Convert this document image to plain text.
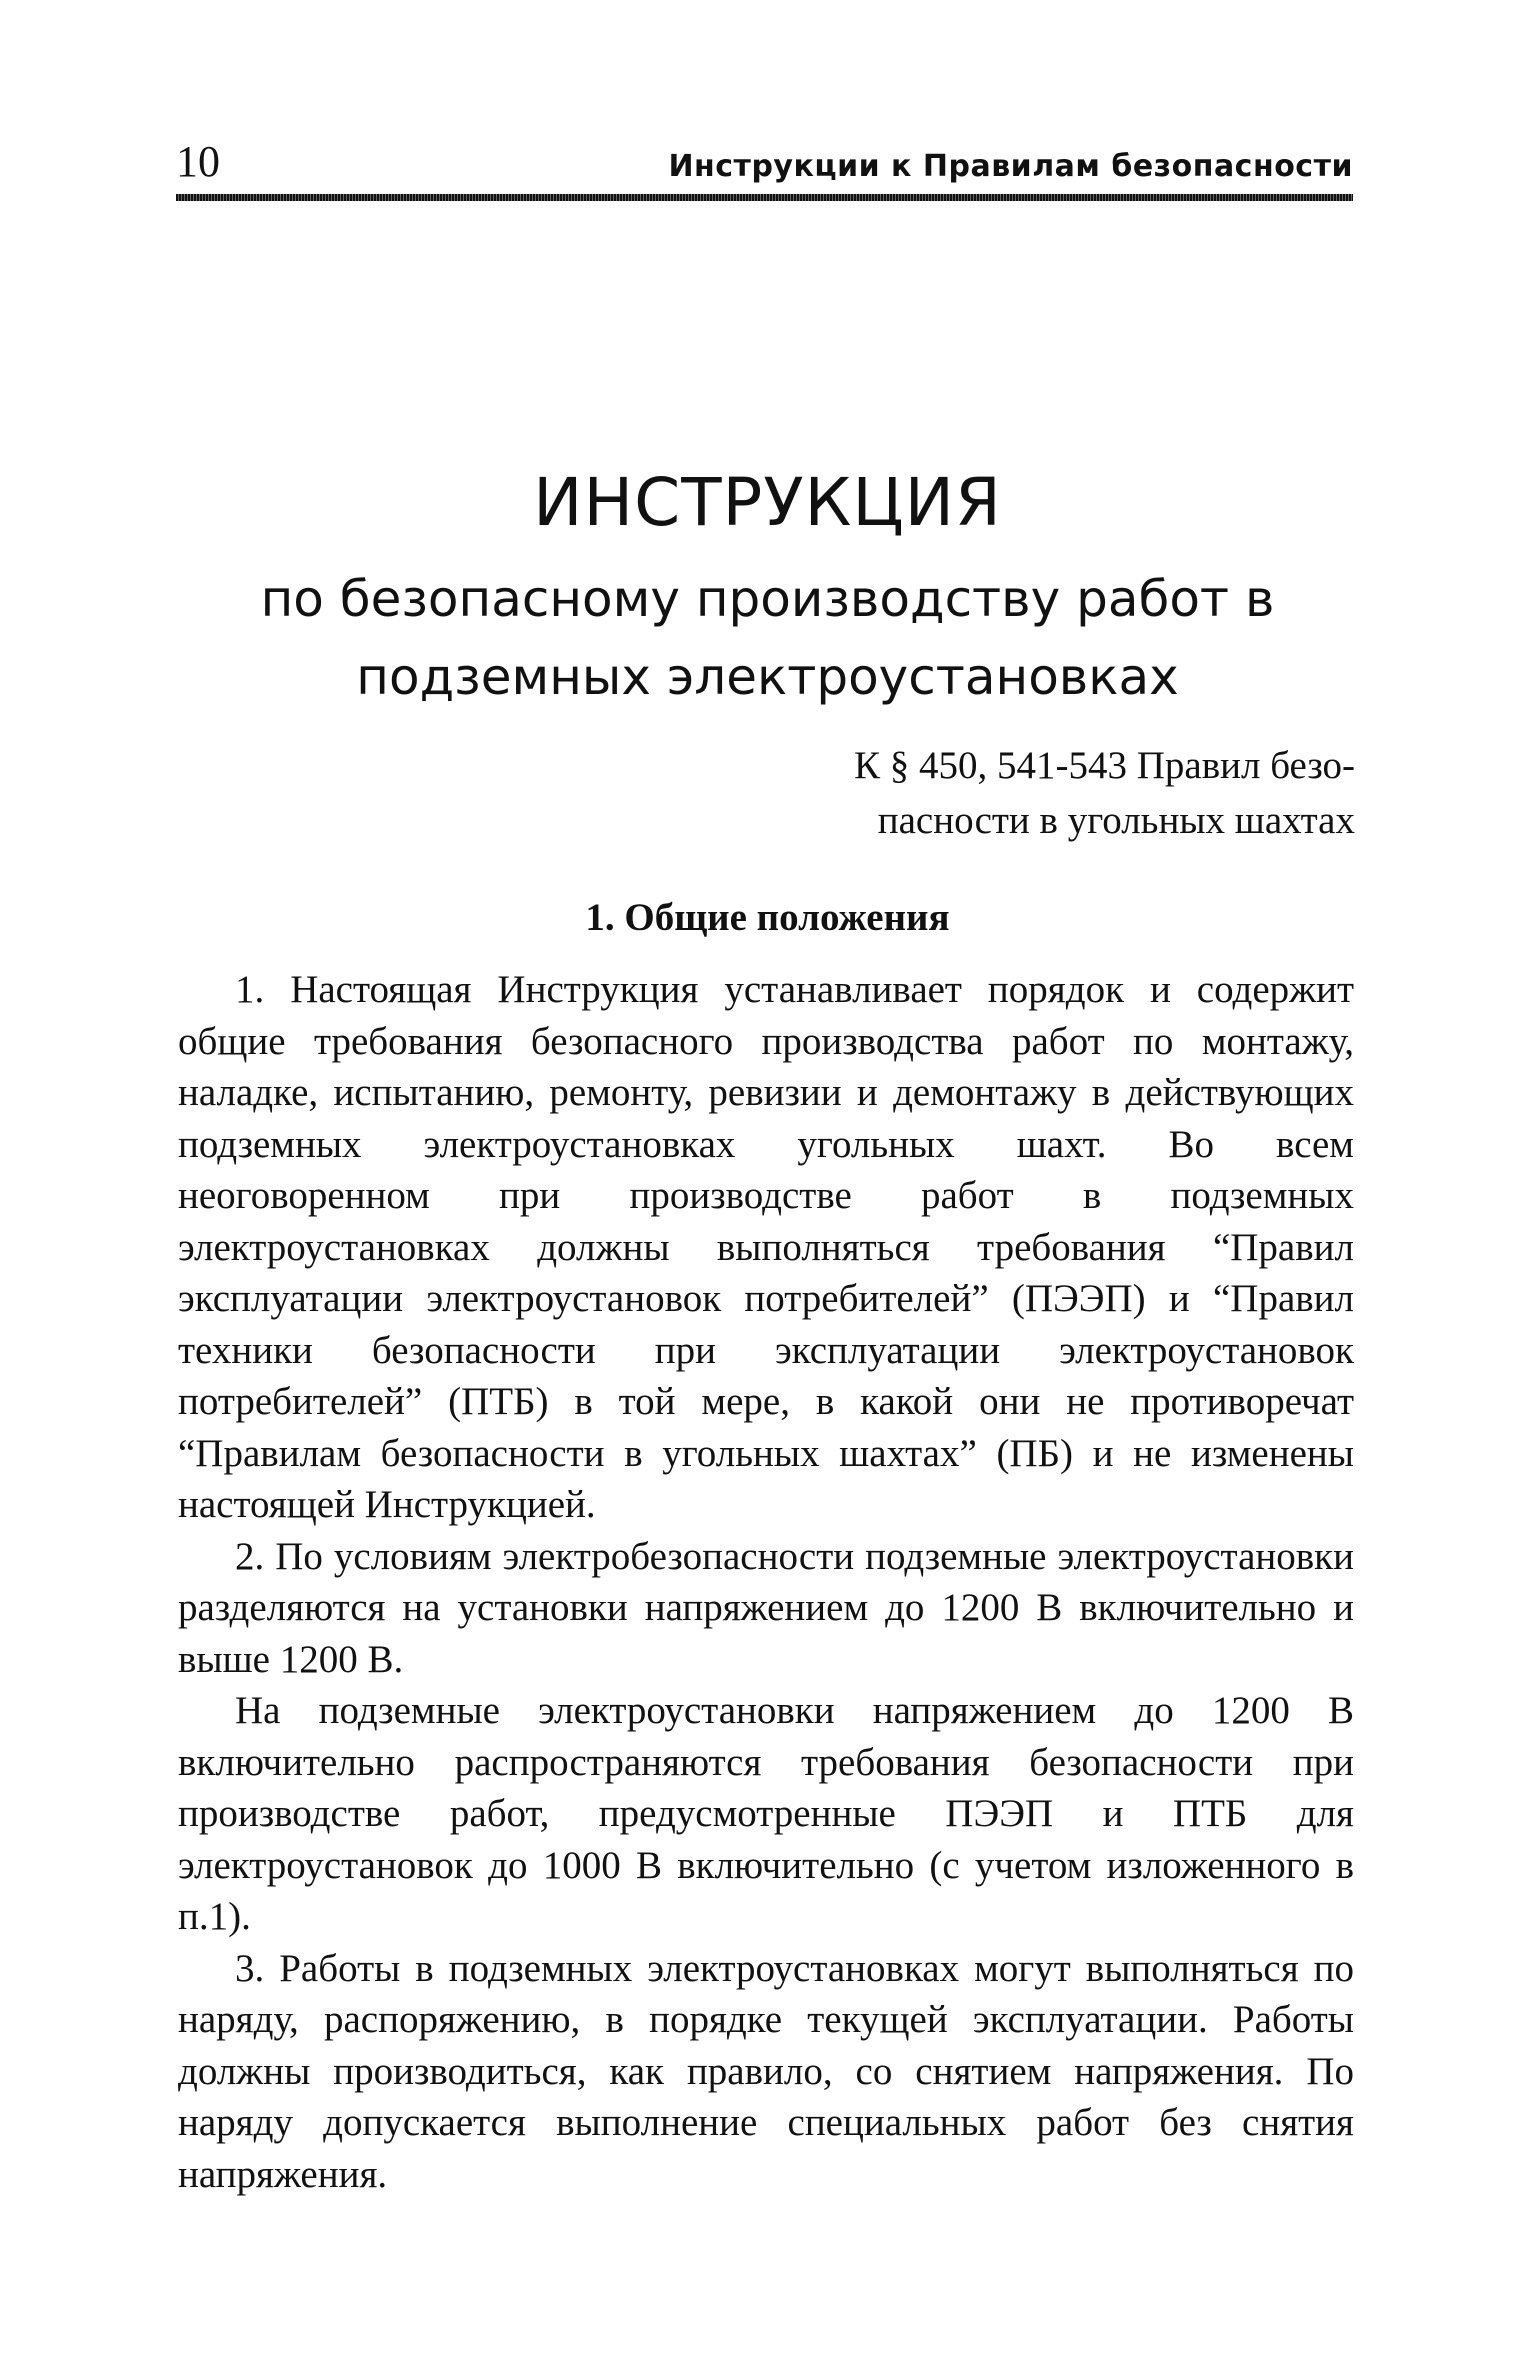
10	Инструкции к Правилам безопасности
ИНСТРУКЦИЯ
по безопасному производству работ в
подземных электроустановках
К § 450, 541-543 Правил безо-
пасности в угольных шахтах
1. Общие положения

1. Настоящая Инструкция устанавливает порядок и содержит общие требования безопасного производства работ по монтажу, наладке, испытанию, ремонту, ревизии и демонтажу в действующих подземных электроустановках угольных шахт. Во всем неоговоренном при производстве работ в подземных электроустановках должны выполняться требования “Правил эксплуатации электроустановок потребителей” (ПЭЭП) и “Правил техники безопасности при эксплуатации электроустановок потребителей” (ПТБ) в той мере, в какой они не противоречат “Правилам безопасности в угольных шахтах” (ПБ) и не изменены настоящей Инструкцией.

2. По условиям электробезопасности подземные электроустановки разделяются на установки напряжением до 1200 В включительно и выше 1200 В.

На подземные электроустановки напряжением до 1200 В включительно распространяются требования безопасности при производстве работ, предусмотренные ПЭЭП и ПТБ для электроустановок до 1000 В включительно (с учетом изложенного в п.1).

3. Работы в подземных электроустановках могут выполняться по наряду, распоряжению, в порядке текущей эксплуатации. Работы должны производиться, как правило, со снятием напряжения. По наряду допускается выполнение специальных работ без снятия напряжения.
